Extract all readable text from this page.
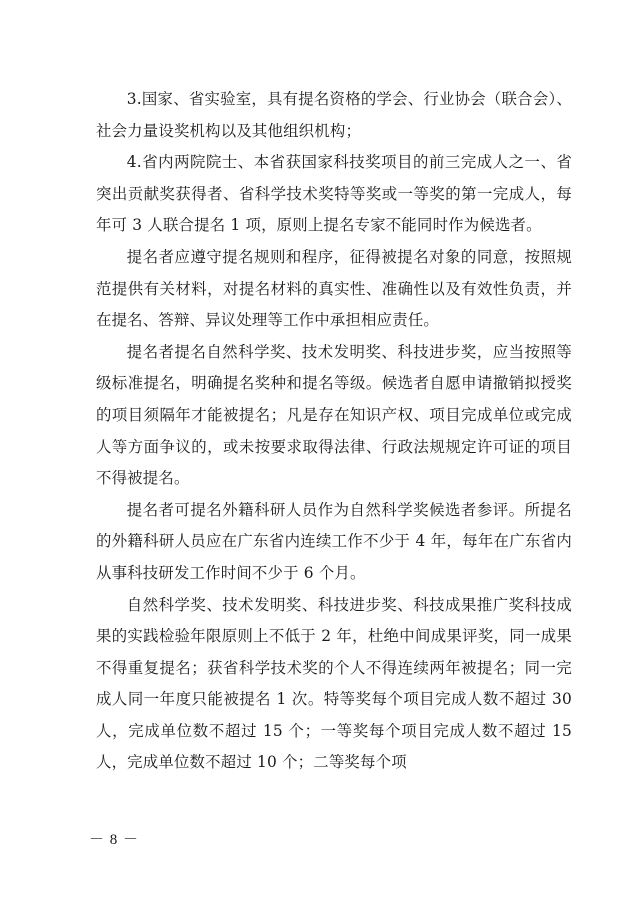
3.国家、省实验室，具有提名资格的学会、行业协会（联合会）、社会力量设奖机构以及其他组织机构；

4.省内两院院士、本省获国家科技奖项目的前三完成人之一、省突出贡献奖获得者、省科学技术奖特等奖或一等奖的第一完成人，每年可 3 人联合提名 1 项，原则上提名专家不能同时作为候选者。

提名者应遵守提名规则和程序，征得被提名对象的同意，按照规范提供有关材料，对提名材料的真实性、准确性以及有效性负责，并在提名、答辩、异议处理等工作中承担相应责任。

提名者提名自然科学奖、技术发明奖、科技进步奖，应当按照等级标准提名，明确提名奖种和提名等级。候选者自愿申请撤销拟授奖的项目须隔年才能被提名；凡是存在知识产权、项目完成单位或完成人等方面争议的，或未按要求取得法律、行政法规规定许可证的项目不得被提名。

提名者可提名外籍科研人员作为自然科学奖候选者参评。所提名的外籍科研人员应在广东省内连续工作不少于 4 年，每年在广东省内从事科技研发工作时间不少于 6 个月。

自然科学奖、技术发明奖、科技进步奖、科技成果推广奖科技成果的实践检验年限原则上不低于 2 年，杜绝中间成果评奖，同一成果不得重复提名；获省科学技术奖的个人不得连续两年被提名；同一完成人同一年度只能被提名 1 次。特等奖每个项目完成人数不超过 30 人，完成单位数不超过 15 个；一等奖每个项目完成人数不超过 15 人，完成单位数不超过 10 个；二等奖每个项

－ 8 －
